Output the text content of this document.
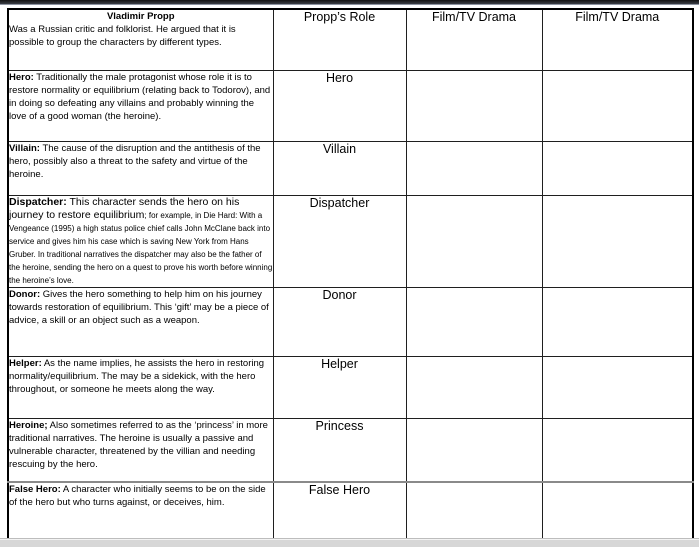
Vladimir Propp
Was a Russian critic and folklorist. He argued that it is possible to group the characters by different types.	Propp’s Role	Film/TV Drama	Film/TV Drama
Hero: Traditionally the male protagonist whose role it is to restore normality or equilibrium (relating back to Todorov), and in doing so defeating any villains and probably winning the love of a good woman (the heroine).	Hero		
Villain: The cause of the disruption and the antithesis of the hero, possibly also a threat to the safety and virtue of the heroine.	Villain		
Dispatcher: This character sends the hero on his journey to restore equilibrium; for example, in Die Hard: With a Vengeance (1995) a high status police chief calls John McClane back into service and gives him his case which is saving New York from Hans Gruber. In traditional narratives the dispatcher may also be the father of the heroine, sending the hero on a quest to prove his worth before winning the heroine’s love.	Dispatcher		
Donor: Gives the hero something to help him on his journey towards restoration of equilibrium. This ‘gift’ may be a piece of advice, a skill or an object such as a weapon.	Donor		
Helper: As the name implies, he assists the hero in restoring normality/equilibrium. The may be a sidekick, with the hero throughout, or someone he meets along the way.	Helper		
Heroine; Also sometimes referred to as the ‘princess’ in more traditional narratives. The heroine is usually a passive and vulnerable character, threatened by the villian and needing rescuing by the hero.	Princess		
False Hero: A character who initially seems to be on the side of the hero but who turns against, or deceives, him.	False Hero		
